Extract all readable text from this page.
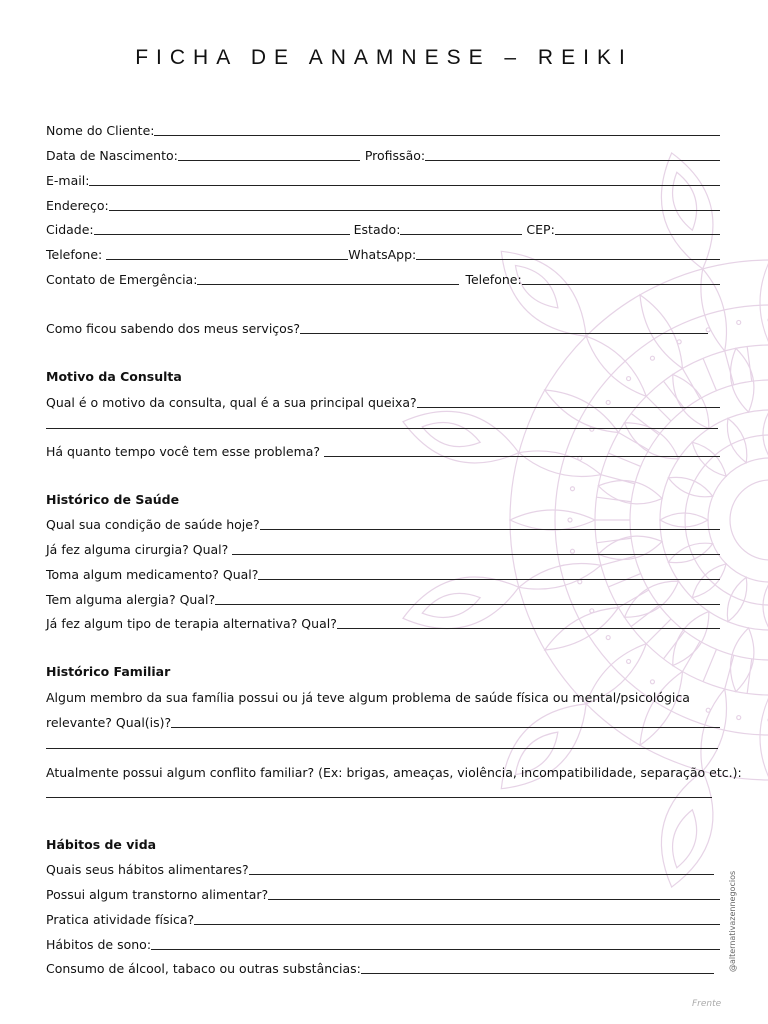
FICHA DE ANAMNESE – REIKI
Nome do Cliente:
Data de Nascimento:	Profissão:
E-mail:
Endereço:
Cidade:	Estado:	CEP:
Telefone:	WhatsApp:
Contato de Emergência:	Telefone:
Como ficou sabendo dos meus serviços?
Motivo da Consulta
Qual é o motivo da consulta, qual é a sua principal queixa?
Há quanto tempo você tem esse problema?
Histórico de Saúde
Qual sua condição de saúde hoje?
Já fez alguma cirurgia? Qual?
Toma algum medicamento? Qual?
Tem alguma alergia? Qual?
Já fez algum tipo de terapia alternativa? Qual?
Histórico Familiar
Algum membro da sua família possui ou já teve algum problema de saúde física ou mental/psicológica
relevante? Qual(is)?
Atualmente possui algum conflito familiar? (Ex: brigas, ameaças, violência, incompatibilidade, separação etc.):
Hábitos de vida
Quais seus hábitos alimentares?
Possui algum transtorno alimentar?
Pratica atividade física?
Hábitos de sono:
Consumo de álcool, tabaco ou outras substâncias:	@alternativazennegocios
Frente
